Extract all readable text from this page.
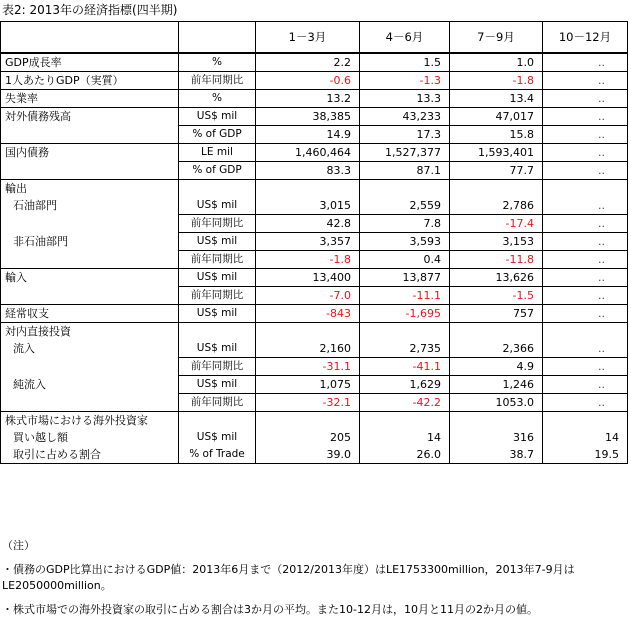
表2: 2013年の経済指標(四半期)
		1－3月	4－6月	7－9月	10－12月
GDP成長率	%	2.2	1.5	1.0	..
1人あたりGDP（実質）	前年同期比	-0.6	-1.3	-1.8	..
失業率	%	13.2	13.3	13.4	..
対外債務残高	US$ mil	38,385	43,233	47,017	..
	% of GDP	14.9	17.3	15.8	..
国内債務	LE mil	1,460,464	1,527,377	1,593,401	..
	% of GDP	83.3	87.1	77.7	..
輸出					
石油部門	US$ mil	3,015	2,559	2,786	..
	前年同期比	42.8	7.8	-17.4	..
非石油部門	US$ mil	3,357	3,593	3,153	..
	前年同期比	-1.8	0.4	-11.8	..
輸入	US$ mil	13,400	13,877	13,626	..
	前年同期比	-7.0	-11.1	-1.5	..
経常収支	US$ mil	-843	-1,695	757	..
対内直接投資					
流入	US$ mil	2,160	2,735	2,366	..
	前年同期比	-31.1	-41.1	4.9	..
純流入	US$ mil	1,075	1,629	1,246	..
	前年同期比	-32.1	-42.2	1053.0	..
株式市場における海外投資家					
買い越し額	US$ mil	205	14	316	14
取引に占める割合	% of Trade	39.0	26.0	38.7	19.5

（注）

・債務のGDP比算出におけるGDP値：2013年6月まで（2012/2013年度）はLE1753300million，2013年7-9月はLE2050000million。

・株式市場での海外投資家の取引に占める割合は3か月の平均。また10-12月は，10月と11月の2か月の値。
